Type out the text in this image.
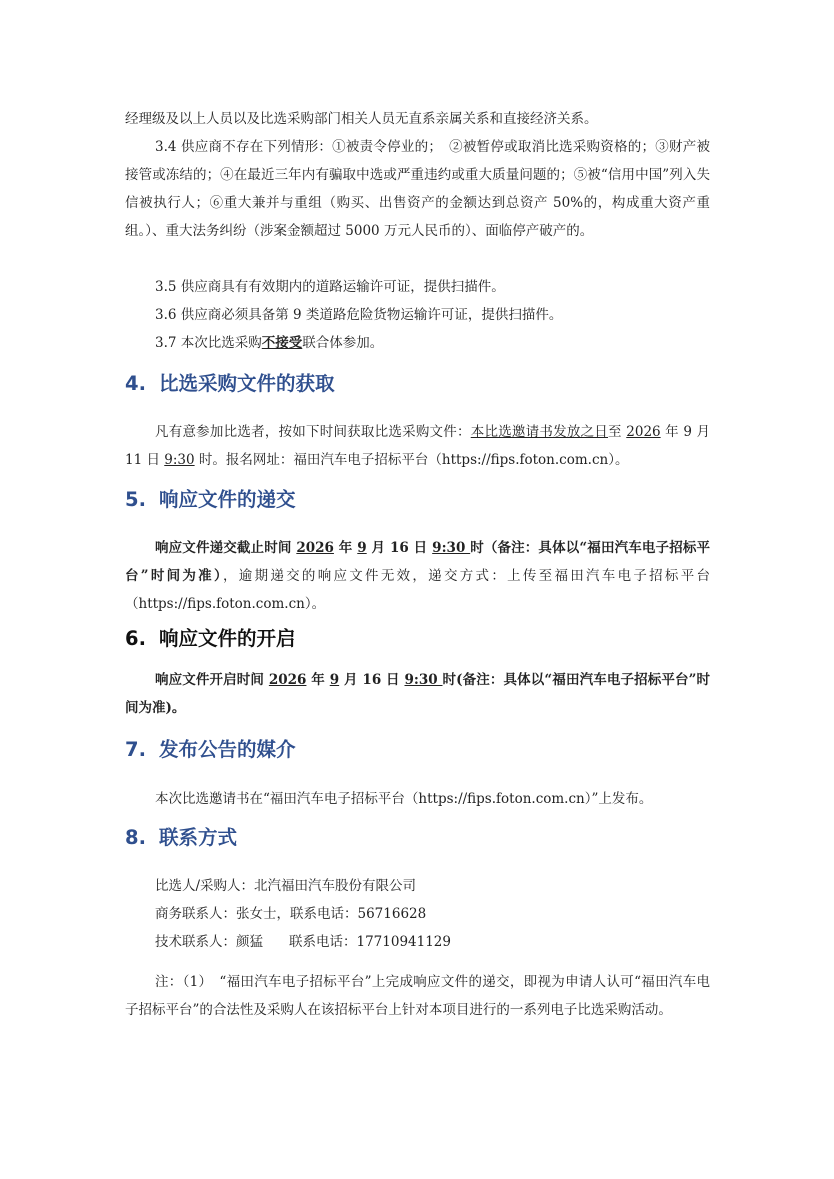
经理级及以上人员以及比选采购部门相关人员无直系亲属关系和直接经济关系。

3.4 供应商不存在下列情形：①被责令停业的；　②被暂停或取消比选采购资格的；③财产被接管或冻结的；④在最近三年内有骗取中选或严重违约或重大质量问题的；⑤被“信用中国”列入失信被执行人；⑥重大兼并与重组（购买、出售资产的金额达到总资产 50%的，构成重大资产重组。）、重大法务纠纷（涉案金额超过 5000 万元人民币的）、面临停产破产的。

3.5 供应商具有有效期内的道路运输许可证，提供扫描件。

3.6 供应商必须具备第 9 类道路危险货物运输许可证，提供扫描件。

3.7 本次比选采购不接受联合体参加。

4. 比选采购文件的获取

凡有意参加比选者，按如下时间获取比选采购文件：本比选邀请书发放之日至 2026 年 9 月 11 日 9:30 时。报名网址：福田汽车电子招标平台（https://fips.foton.com.cn）。

5. 响应文件的递交

响应文件递交截止时间 2026 年 9 月 16 日 9:30 时（备注：具体以“福田汽车电子招标平台”时间为准），逾期递交的响应文件无效，递交方式：上传至福田汽车电子招标平台（https://fips.foton.com.cn）。

6. 响应文件的开启

响应文件开启时间 2026 年 9 月 16 日 9:30 时(备注：具体以“福田汽车电子招标平台”时间为准)。

7. 发布公告的媒介

本次比选邀请书在“福田汽车电子招标平台（https://fips.foton.com.cn）”上发布。

8. 联系方式
比选人/采购人：北汽福田汽车股份有限公司
商务联系人：张女士，联系电话：56716628
技术联系人：颜猛 联系电话：17710941129

注：（1）　“福田汽车电子招标平台”上完成响应文件的递交，即视为申请人认可“福田汽车电子招标平台”的合法性及采购人在该招标平台上针对本项目进行的一系列电子比选采购活动。
